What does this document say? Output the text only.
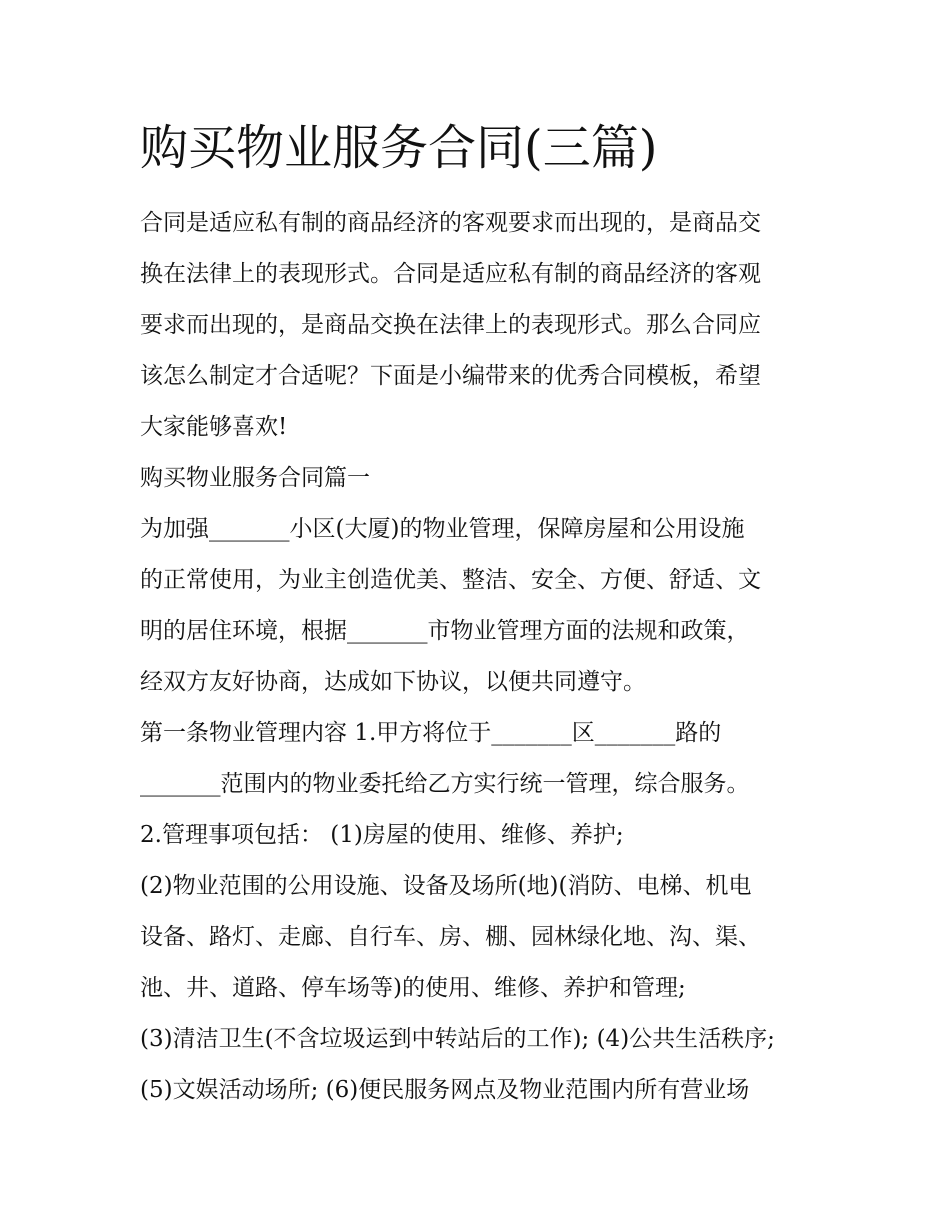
购买物业服务合同(三篇)
合同是适应私有制的商品经济的客观要求而出现的，是商品交
换在法律上的表现形式。合同是适应私有制的商品经济的客观
要求而出现的，是商品交换在法律上的表现形式。那么合同应
该怎么制定才合适呢？下面是小编带来的优秀合同模板，希望
大家能够喜欢!
购买物业服务合同篇一
为加强_______小区(大厦)的物业管理，保障房屋和公用设施
的正常使用，为业主创造优美、整洁、安全、方便、舒适、文
明的居住环境，根据_______市物业管理方面的法规和政策，
经双方友好协商，达成如下协议，以便共同遵守。
第一条物业管理内容 1.甲方将位于_______区_______路的
_______范围内的物业委托给乙方实行统一管理，综合服务。
2.管理事项包括： (1)房屋的使用、维修、养护;
(2)物业范围的公用设施、设备及场所(地)(消防、电梯、机电
设备、路灯、走廊、自行车、房、棚、园林绿化地、沟、渠、
池、井、道路、停车场等)的使用、维修、养护和管理;
(3)清洁卫生(不含垃圾运到中转站后的工作); (4)公共生活秩序;
(5)文娱活动场所; (6)便民服务网点及物业范围内所有营业场
